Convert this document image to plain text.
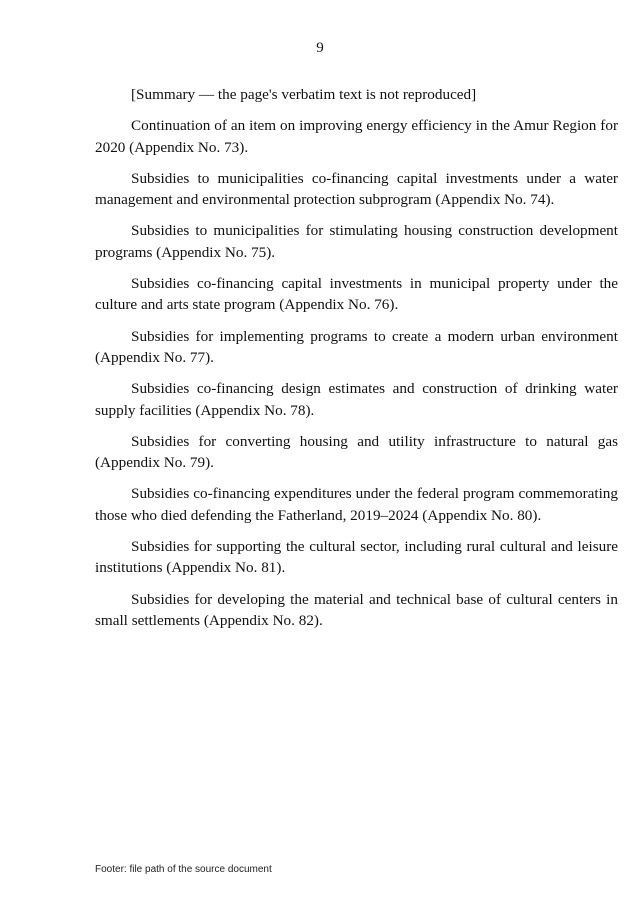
9

[Summary — the page's verbatim text is not reproduced]

Continuation of an item on improving energy efficiency in the Amur Region for 2020 (Appendix No. 73).

Subsidies to municipalities co-financing capital investments under a water management and environmental protection subprogram (Appendix No. 74).

Subsidies to municipalities for stimulating housing construction development programs (Appendix No. 75).

Subsidies co-financing capital investments in municipal property under the culture and arts state program (Appendix No. 76).

Subsidies for implementing programs to create a modern urban environment (Appendix No. 77).

Subsidies co-financing design estimates and construction of drinking water supply facilities (Appendix No. 78).

Subsidies for converting housing and utility infrastructure to natural gas (Appendix No. 79).

Subsidies co-financing expenditures under the federal program commemorating those who died defending the Fatherland, 2019–2024 (Appendix No. 80).

Subsidies for supporting the cultural sector, including rural cultural and leisure institutions (Appendix No. 81).

Subsidies for developing the material and technical base of cultural centers in small settlements (Appendix No. 82).

Footer: file path of the source document
